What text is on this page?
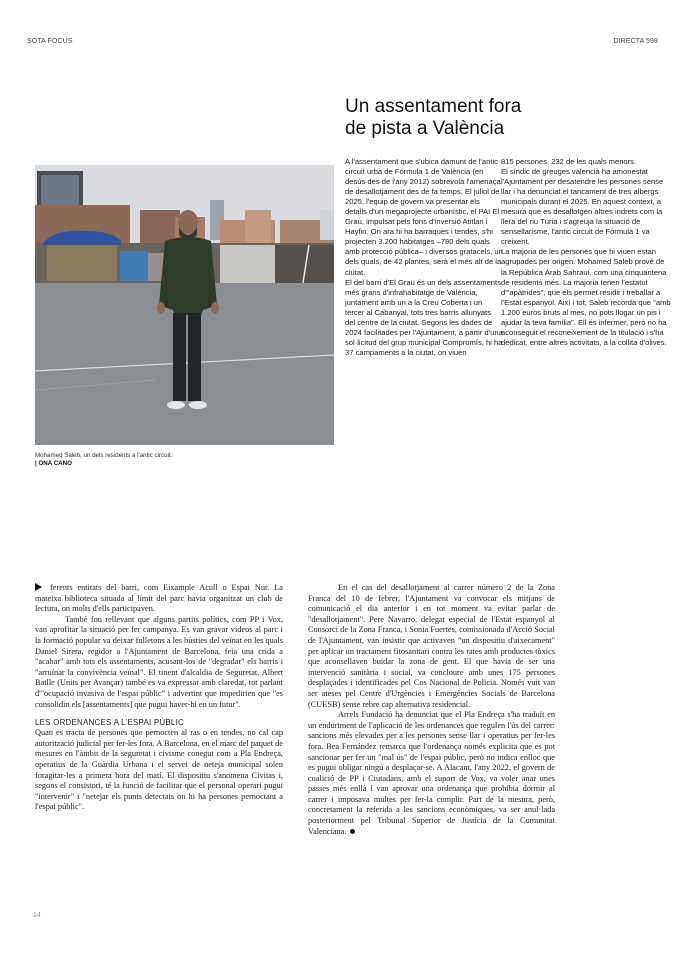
SOTA FOCUS	DIRECTA 598
Un assentament fora
de pista a València
Mohamed Saleb, un dels residents a l'antic circuit.
| ONA CANO

A l'assentament que s'ubica damunt de l'antic circuit urbà de Fórmula 1 de València (en desús des de l'any 2012) sobrevola l'amenaça de desallotjament des de fa temps. El juliol de 2025, l'equip de govern va presentar els detalls d'un megaprojecte urbanístic, el PAI El Grau, impulsat pels fons d'inversió Atitlan i Hayfin. On ara hi ha barraques i tendes, s'hi projecten 3.200 habitatges –780 dels quals amb protecció pública– i diversos gratacels, un dels quals, de 42 plantes, serà el més alt de la ciutat.

El del barri d'El Grau és un dels assentaments més grans d'infrahabitatge de València, juntament amb un a la Creu Coberta i un tercer al Cabanyal, tots tres barris allunyats del centre de la ciutat. Segons les dades de 2024 facilitades per l'Ajuntament, a partir d'una sol·licitud del grup municipal Compromís, hi ha 37 campaments a la ciutat, on viuen

815 persones, 232 de les quals menors.

El síndic de greuges valencià ha amonestat l'Ajuntament per desatendre les persones sense llar i ha denunciat el tancament de tres albergs municipals durant el 2025. En aquest context, a mesura que es desallotgen altres indrets com la llera del riu Túria i s'agreuja la situació de sensellarisme, l'antic circuit de Fórmula 1 va creixent.

La majoria de les persones que hi viuen estan agrupades per origen. Mohamed Saleb prové de la República Àrab Sahrauí, com una cinquantena de residents més. La majoria tenen l'estatut d'"apàtrides", que els permet residir i treballar a l'Estat espanyol. Així i tot, Saleb recorda que "amb 1.200 euros bruts al mes, no pots llogar un pis i ajudar la teva família". Ell és infermer, però no ha aconseguit el reconeixement de la titulació i s'ha dedicat, entre altres activitats, a la collita d'olives.

ferents entitats del barri, com Eixample Acull o Espai Nur. La mateixa biblioteca situada al límit del parc havia organitzat un club de lectura, on molts d'ells participaven.

També fou rellevant que alguns partits polítics, com PP i Vox, van aprofitar la situació per fer campanya. Es van gravar vídeos al parc i la formació popular va deixar fulletons a les bústies del veïnat en les quals Daniel Sirera, regidor a l'Ajuntament de Barcelona, feia una crida a "acabar" amb tots els assentaments, acusant-los de "degradar" els barris i "arruïnar la convivència veïnal". El tinent d'alcaldia de Seguretat, Albert Batlle (Units per Avançar) també es va expressar amb claredat, tot parlant d'"ocupació invasiva de l'espai públic" i advertint que impedirien que "es consolidin els [assentaments] que pugui haver-hi en un futur".

LES ORDENANCES A L'ESPAI PÚBLIC

Quan es tracta de persones que pernocten al ras o en tendes, no cal cap autorització judicial per fer-les fora. A Barcelona, en el marc del paquet de mesures en l'àmbit de la seguretat i civisme conegut com a Pla Endreça, operatius de la Guàrdia Urbana i el servei de neteja municipal solen foragitar-les a primera hora del matí. El dispositiu s'anomena Civitas i, segons el consistori, té la funció de facilitar que el personal operari pugui "intervenir" i "netejar els punts detectats on hi ha persones pernoctant a l'espai públic".

En el cas del desallotjament al carrer número 2 de la Zona Franca del 10 de febrer, l'Ajuntament va convocar els mitjans de comunicació el dia anterior i en tot moment va evitar parlar de "desallotjament". Pere Navarro, delegat especial de l'Estat espanyol al Consorci de la Zona Franca, i Sonia Fuertes, comissionada d'Acció Social de l'Ajuntament, van insistir que activaven "un dispositiu d'aixecament" per aplicar un tractament fitosanitari contra les rates amb productes tòxics que aconsellaven buidar la zona de gent. El que havia de ser una intervenció sanitària i social, va concloure amb unes 175 persones desplaçades i identificades pel Cos Nacional de Policia. Només vuit van ser ateses pel Centre d'Urgències i Emergències Socials de Barcelona (CUESB) sense rebre cap alternativa residencial.

Arrels Fundació ha denunciat que el Pla Endreça s'ha traduït en un enduriment de l'aplicació de les ordenances que regulen l'ús del carrer: sancions més elevades per a les persones sense llar i operatius per fer-les fora. Bea Fernández remarca que l'ordenança només explicita que es pot sancionar per fer un "mal ús" de l'espai públic, però no indica enlloc que es pugui obligar ningú a desplaçar-se. A Alacant, l'any 2022, el govern de coalició de PP i Ciutadans, amb el suport de Vox, va voler anar unes passes més enllà i van aprovar una ordenança que prohibia dormir al carrer i imposava multes per fer-la complir. Part de la mesura, però, concretament la referida a les sancions econòmiques, va ser anul·lada posteriorment pel Tribunal Superior de Justícia de la Comunitat Valenciana.

14
